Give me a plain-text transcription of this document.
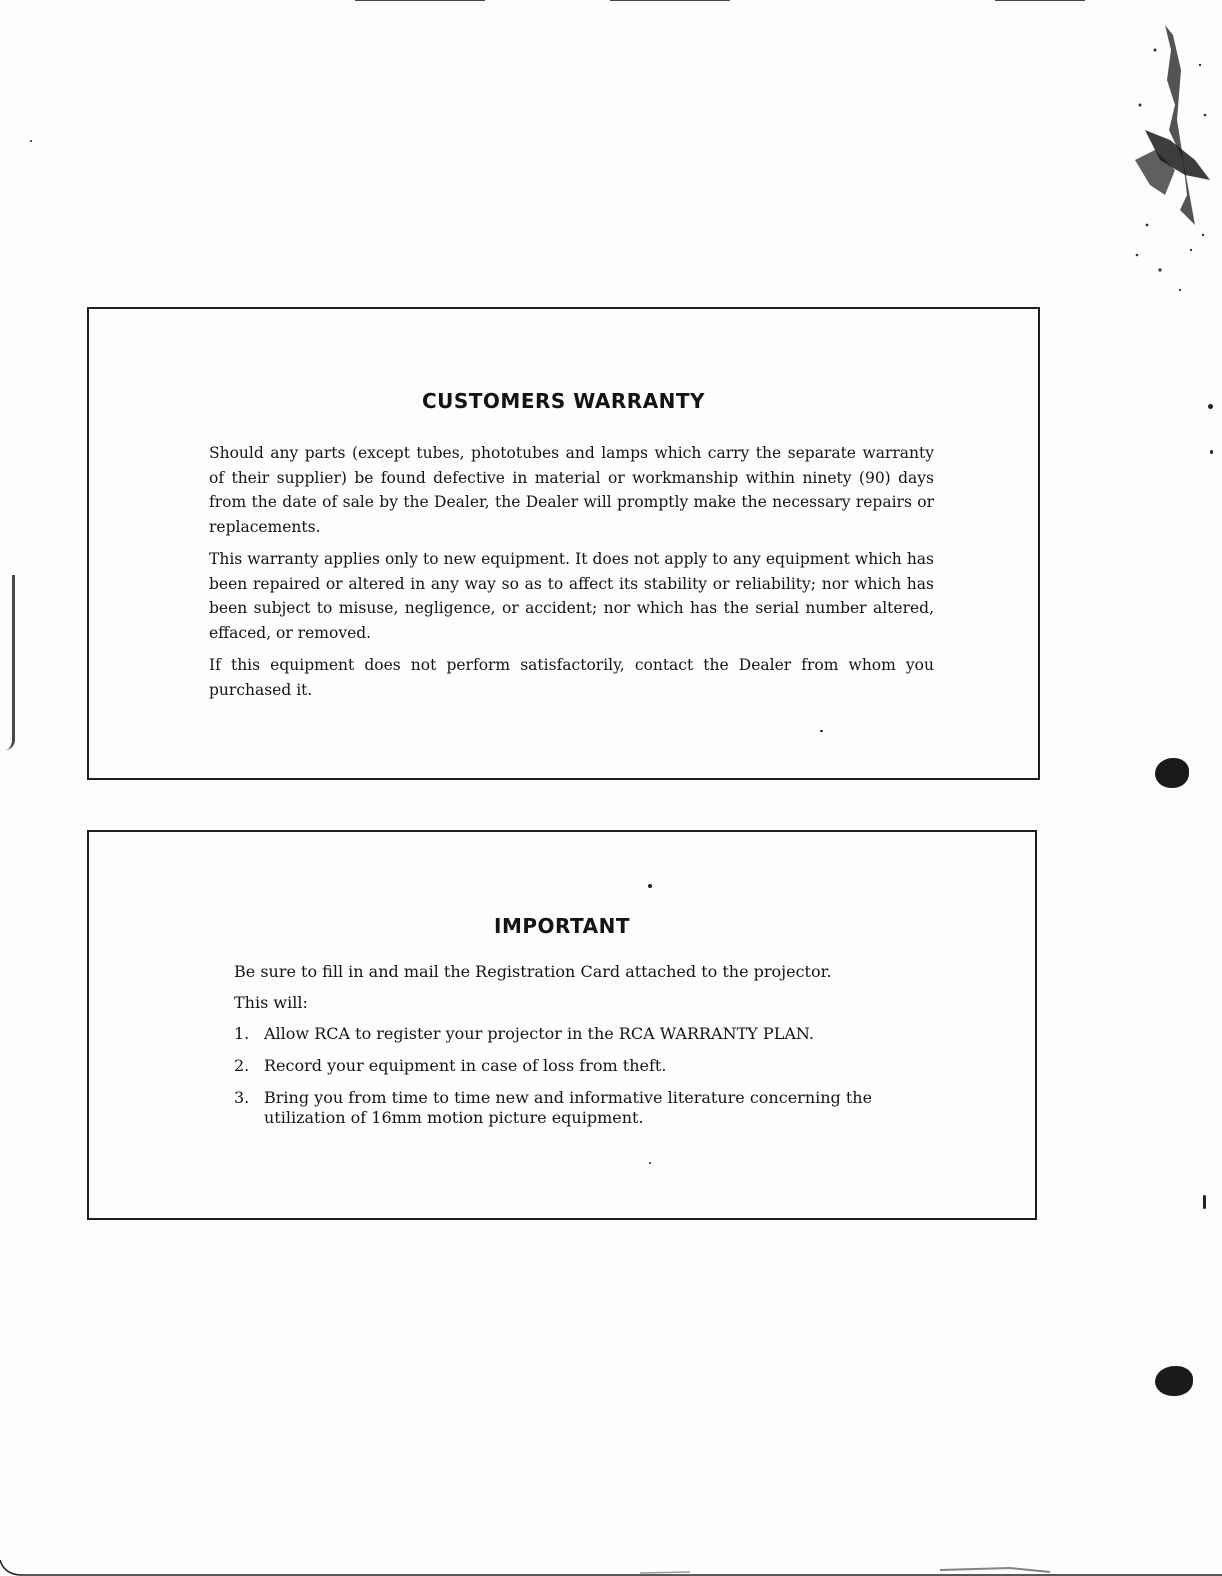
CUSTOMERS WARRANTY

Should any parts (except tubes, phototubes and lamps which carry the separate warranty of their supplier) be found defective in material or workmanship within ninety (90) days from the date of sale by the Dealer, the Dealer will promptly make the necessary repairs or replacements.

This warranty applies only to new equipment. It does not apply to any equipment which has been repaired or altered in any way so as to affect its stability or reliability; nor which has been subject to misuse, negligence, or accident; nor which has the serial number altered, effaced, or removed.

If this equipment does not perform satisfactorily, contact the Dealer from whom you purchased it.

IMPORTANT
Be sure to fill in and mail the Registration Card attached to the projector.
This will:
1. Allow RCA to register your projector in the RCA WARRANTY PLAN.
2. Record your equipment in case of loss from theft.
3. Bring you from time to time new and informative literature concerning the utilization of 16mm motion picture equipment.
